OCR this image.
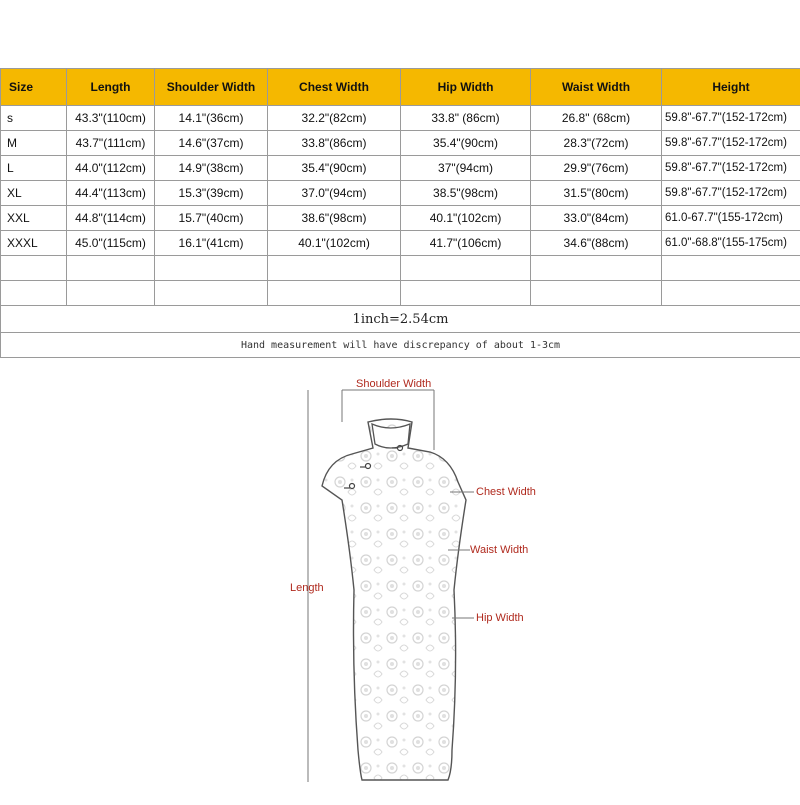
Size	Length	Shoulder Width	Chest Width	Hip Width	Waist Width	Height
s	43.3"(110cm)	14.1"(36cm)	32.2"(82cm)	33.8" (86cm)	26.8" (68cm)	59.8"-67.7"(152-172cm)
M	43.7"(111cm)	14.6"(37cm)	33.8"(86cm)	35.4"(90cm)	28.3"(72cm)	59.8"-67.7"(152-172cm)
L	44.0"(112cm)	14.9"(38cm)	35.4"(90cm)	37"(94cm)	29.9"(76cm)	59.8"-67.7"(152-172cm)
XL	44.4"(113cm)	15.3"(39cm)	37.0"(94cm)	38.5"(98cm)	31.5"(80cm)	59.8"-67.7"(152-172cm)
XXL	44.8"(114cm)	15.7"(40cm)	38.6"(98cm)	40.1"(102cm)	33.0"(84cm)	61.0-67.7"(155-172cm)
XXXL	45.0"(115cm)	16.1"(41cm)	40.1"(102cm)	41.7"(106cm)	34.6"(88cm)	61.0"-68.8"(155-175cm)

1inch=2.54cm						
Hand measurement will have discrepancy of about 1-3cm						
Shoulder Width
Chest Width
Waist Width
Length
Hip Width
